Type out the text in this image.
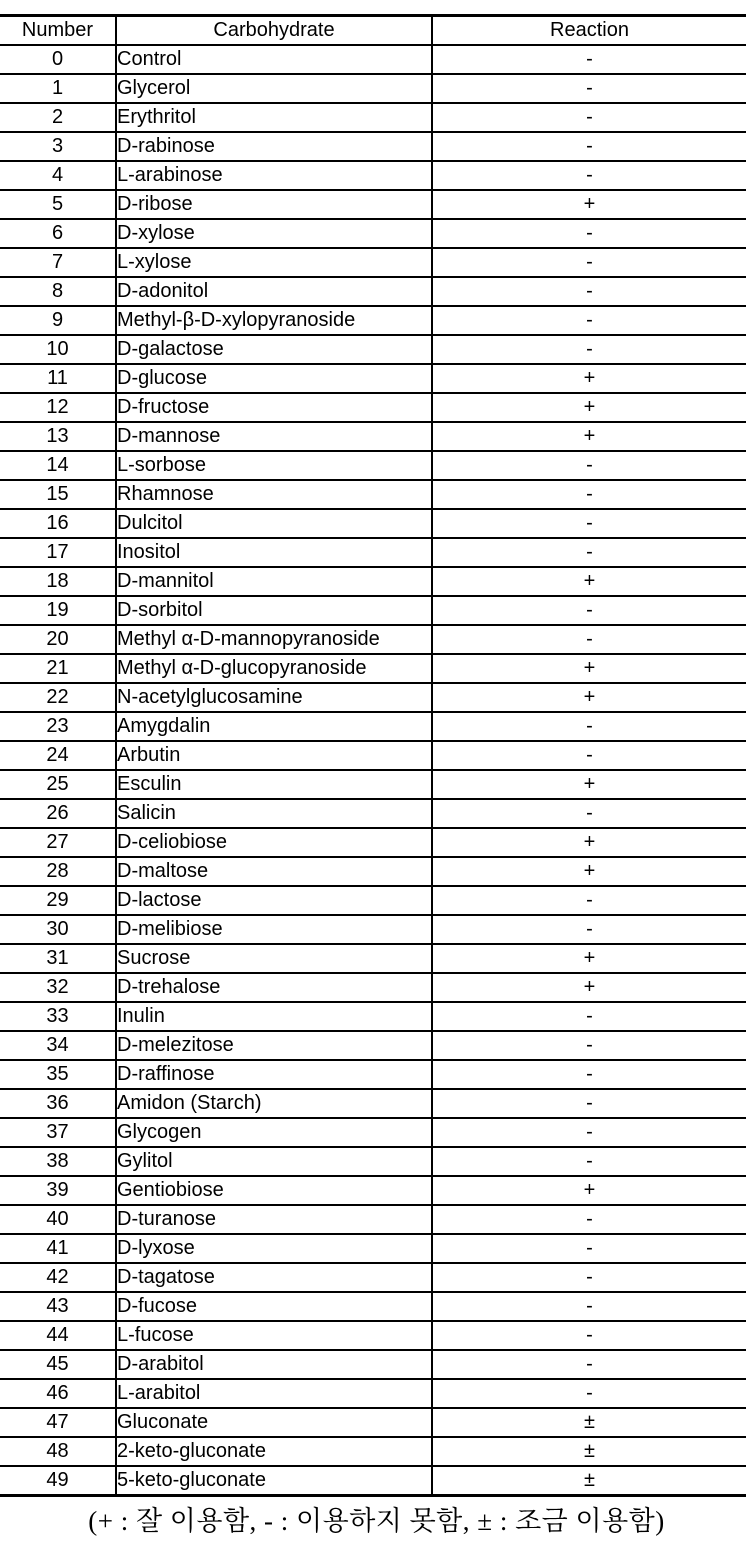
Number	Carbohydrate	Reaction
0	Control	-
1	Glycerol	-
2	Erythritol	-
3	D-rabinose	-
4	L-arabinose	-
5	D-ribose	+
6	D-xylose	-
7	L-xylose	-
8	D-adonitol	-
9	Methyl-β-D-xylopyranoside	-
10	D-galactose	-
11	D-glucose	+
12	D-fructose	+
13	D-mannose	+
14	L-sorbose	-
15	Rhamnose	-
16	Dulcitol	-
17	Inositol	-
18	D-mannitol	+
19	D-sorbitol	-
20	Methyl α-D-mannopyranoside	-
21	Methyl α-D-glucopyranoside	+
22	N-acetylglucosamine	+
23	Amygdalin	-
24	Arbutin	-
25	Esculin	+
26	Salicin	-
27	D-celiobiose	+
28	D-maltose	+
29	D-lactose	-
30	D-melibiose	-
31	Sucrose	+
32	D-trehalose	+
33	Inulin	-
34	D-melezitose	-
35	D-raffinose	-
36	Amidon (Starch)	-
37	Glycogen	-
38	Gylitol	-
39	Gentiobiose	+
40	D-turanose	-
41	D-lyxose	-
42	D-tagatose	-
43	D-fucose	-
44	L-fucose	-
45	D-arabitol	-
46	L-arabitol	-
47	Gluconate	±
48	2-keto-gluconate	±
49	5-keto-gluconate	±
(+ : 잘 이용함, - : 이용하지 못함, ± : 조금 이용함)
